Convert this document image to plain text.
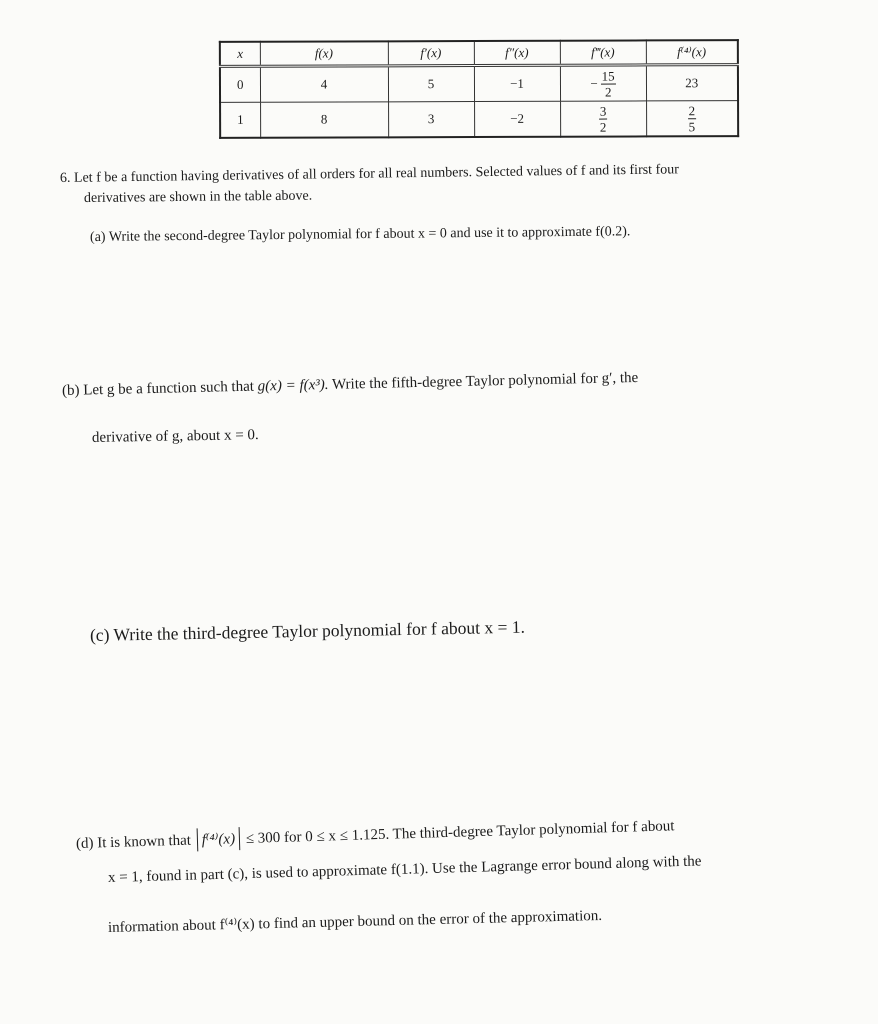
x	f(x)	f′(x)	f″(x)	f‴(x)	f⁽⁴⁾(x)
0	4	5	−1	− $\frac{15}{2}$	23
1	8	3	−2	$\frac{3}{2}$	$\frac{2}{5}$
6. Let f be a function having derivatives of all orders for all real numbers. Selected values of f and its first four
derivatives are shown in the table above.
(a) Write the second-degree Taylor polynomial for f about x = 0 and use it to approximate f(0.2).
(b) Let g be a function such that g(x) = f(x³). Write the fifth-degree Taylor polynomial for g′, the
derivative of g, about x = 0.
(c) Write the third-degree Taylor polynomial for f about x = 1.
(d) It is known that f⁽⁴⁾(x) ≤ 300 for 0 ≤ x ≤ 1.125. The third-degree Taylor polynomial for f about
x = 1, found in part (c), is used to approximate f(1.1). Use the Lagrange error bound along with the
information about f⁽⁴⁾(x) to find an upper bound on the error of the approximation.
